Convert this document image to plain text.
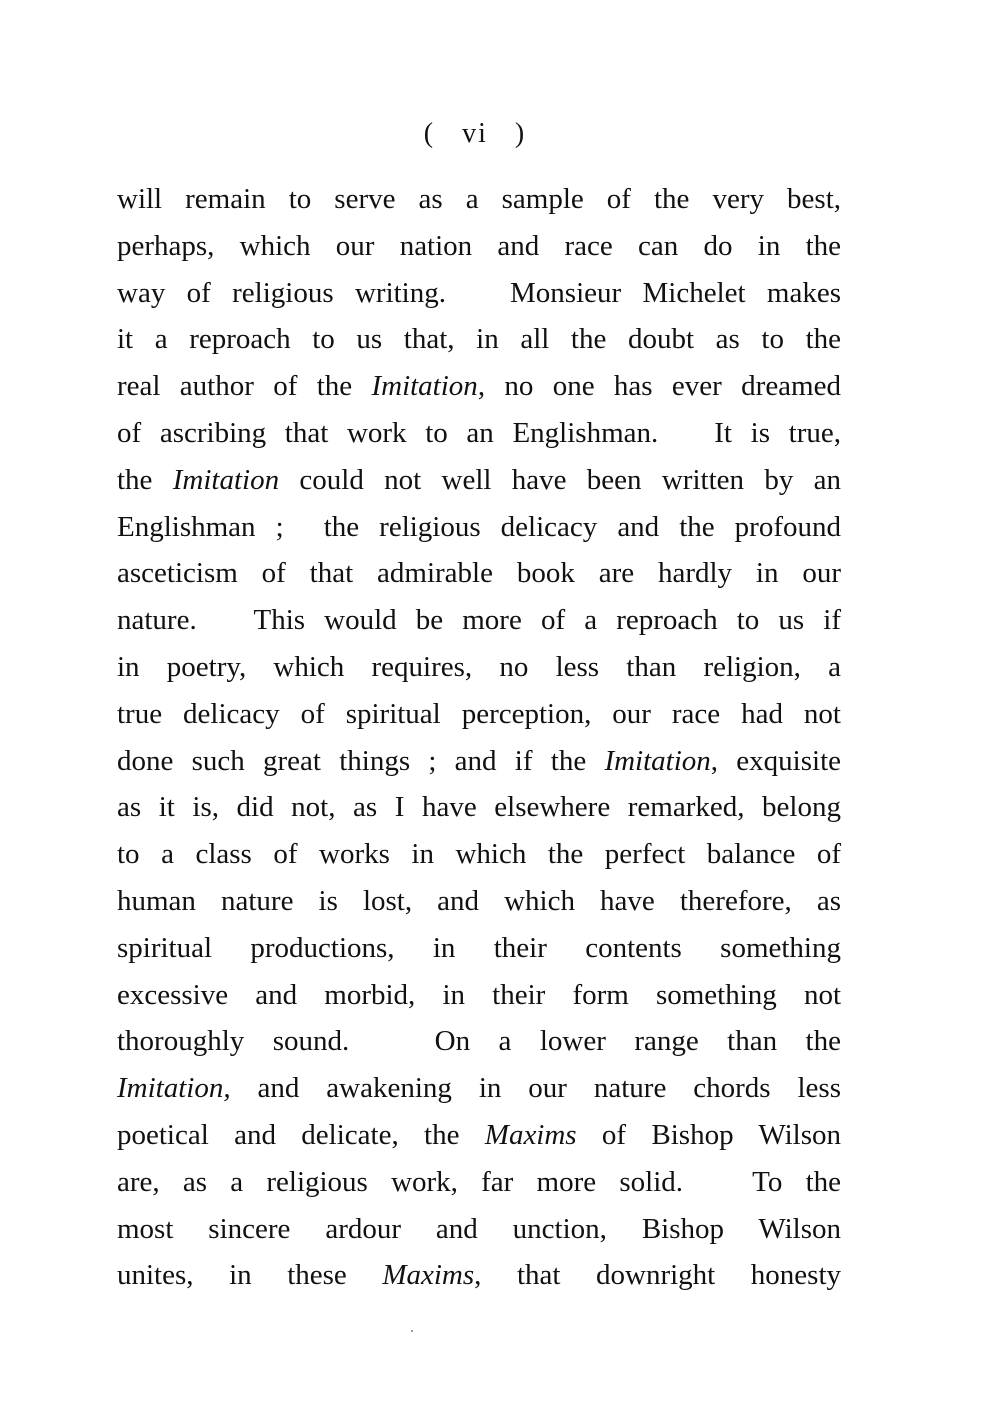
(   vi   )
will remain to serve as a sample of the very best,
perhaps, which our nation and race can do in the
way of religious writing.   Monsieur Michelet makes
it a reproach to us that, in all the doubt as to the
real author of the Imitation, no one has ever dreamed
of ascribing that work to an Englishman.   It is true,
the Imitation could not well have been written by an
Englishman ;  the religious delicacy and the profound
asceticism of that admirable book are hardly in our
nature.   This would be more of a reproach to us if
in poetry, which requires, no less than religion, a
true delicacy of spiritual perception, our race had not
done such great things ; and if the Imitation, exquisite
as it is, did not, as I have elsewhere remarked, belong
to a class of works in which the perfect balance of
human nature is lost, and which have therefore, as
spiritual productions, in their contents something
excessive and morbid, in their form something not
thoroughly sound.   On a lower range than the
Imitation, and awakening in our nature chords less
poetical and delicate, the Maxims of Bishop Wilson
are, as a religious work, far more solid.   To the
most sincere ardour and unction, Bishop Wilson
unites, in these Maxims, that downright honesty
